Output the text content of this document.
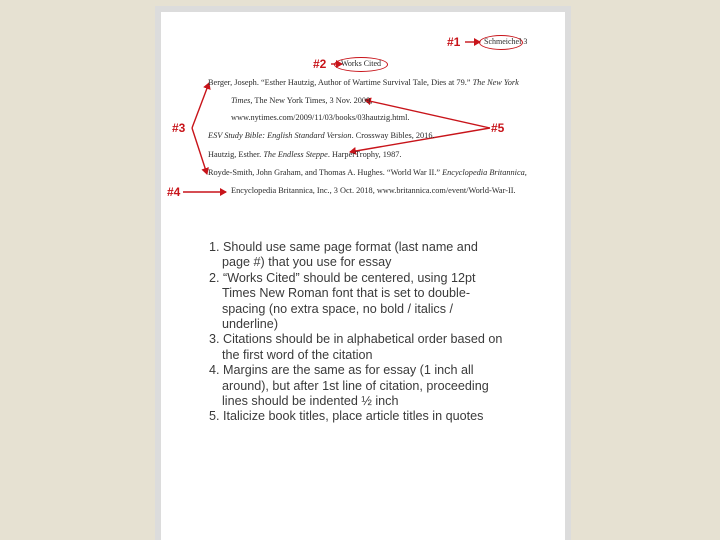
#1
#2
#3
#4
#5
Schmeichel 3
Works Cited
Berger, Joseph. “Esther Hautzig, Author of Wartime Survival Tale, Dies at 79.” The New York
Times, The New York Times, 3 Nov. 2009,
www.nytimes.com/2009/11/03/books/03hautzig.html.
ESV Study Bible: English Standard Version. Crossway Bibles, 2016.
Hautzig, Esther. The Endless Steppe. HarperTrophy, 1987.
Royde-Smith, John Graham, and Thomas A. Hughes. “World War II.” Encyclopedia Britannica,
Encyclopedia Britannica, Inc., 3 Oct. 2018, www.britannica.com/event/World-War-II.
1. Should use same page format (last name and
page #) that you use for essay
2. “Works Cited” should be centered, using 12pt
Times New Roman font that is set to double-
spacing (no extra space, no bold / italics /
underline)
3. Citations should be in alphabetical order based on
the first word of the citation
4. Margins are the same as for essay (1 inch all
around), but after 1st line of citation, proceeding
lines should be indented ½ inch
5. Italicize book titles, place article titles in quotes
